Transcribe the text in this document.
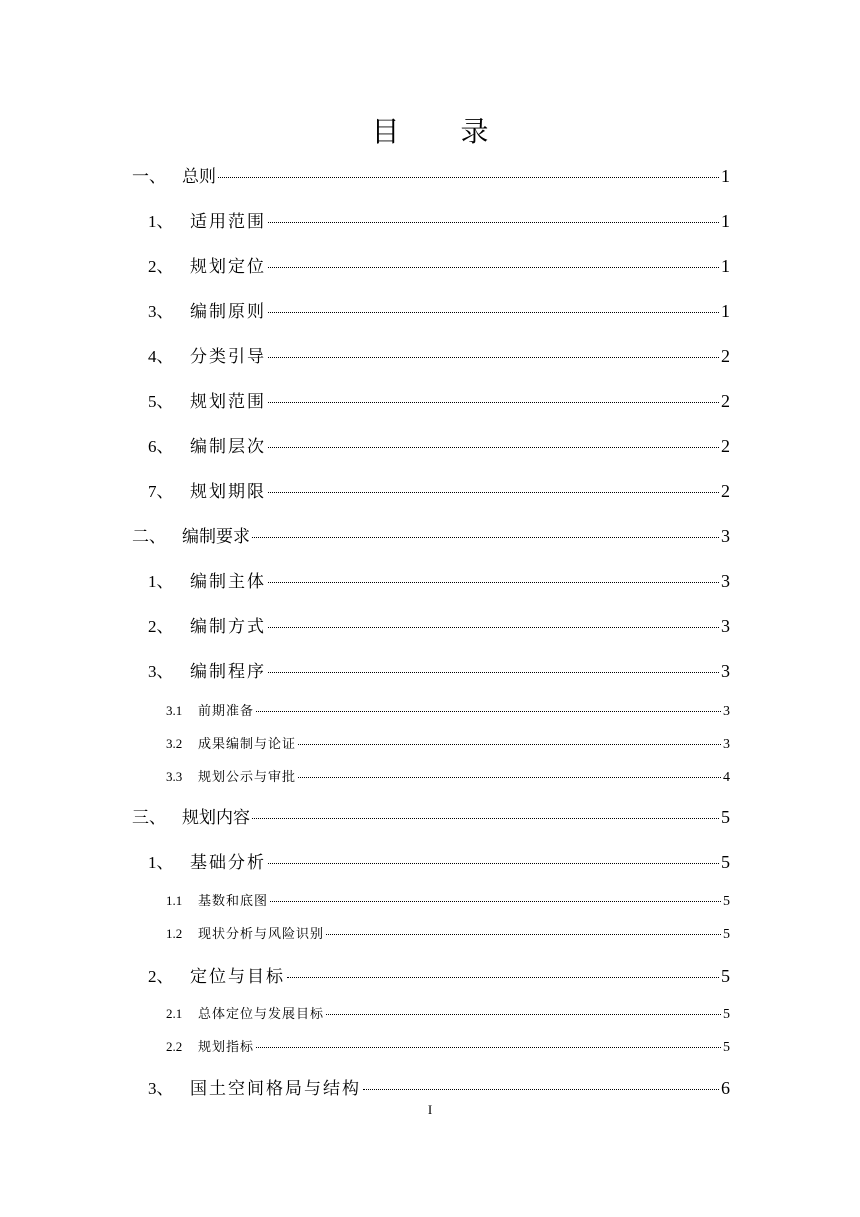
目 录
一、 总则	1
1、 适用范围	1
2、 规划定位	1
3、 编制原则	1
4、 分类引导	2
5、 规划范围	2
6、 编制层次	2
7、 规划期限	2
二、 编制要求	3
1、 编制主体	3
2、 编制方式	3
3、 编制程序	3
3.1	前期准备	3
3.2	成果编制与论证	3
3.3	规划公示与审批	4
三、 规划内容	5
1、 基础分析	5
1.1	基数和底图	5
1.2	现状分析与风险识别	5
2、 定位与目标	5
2.1	总体定位与发展目标	5
2.2	规划指标	5
3、 国土空间格局与结构	6
I
